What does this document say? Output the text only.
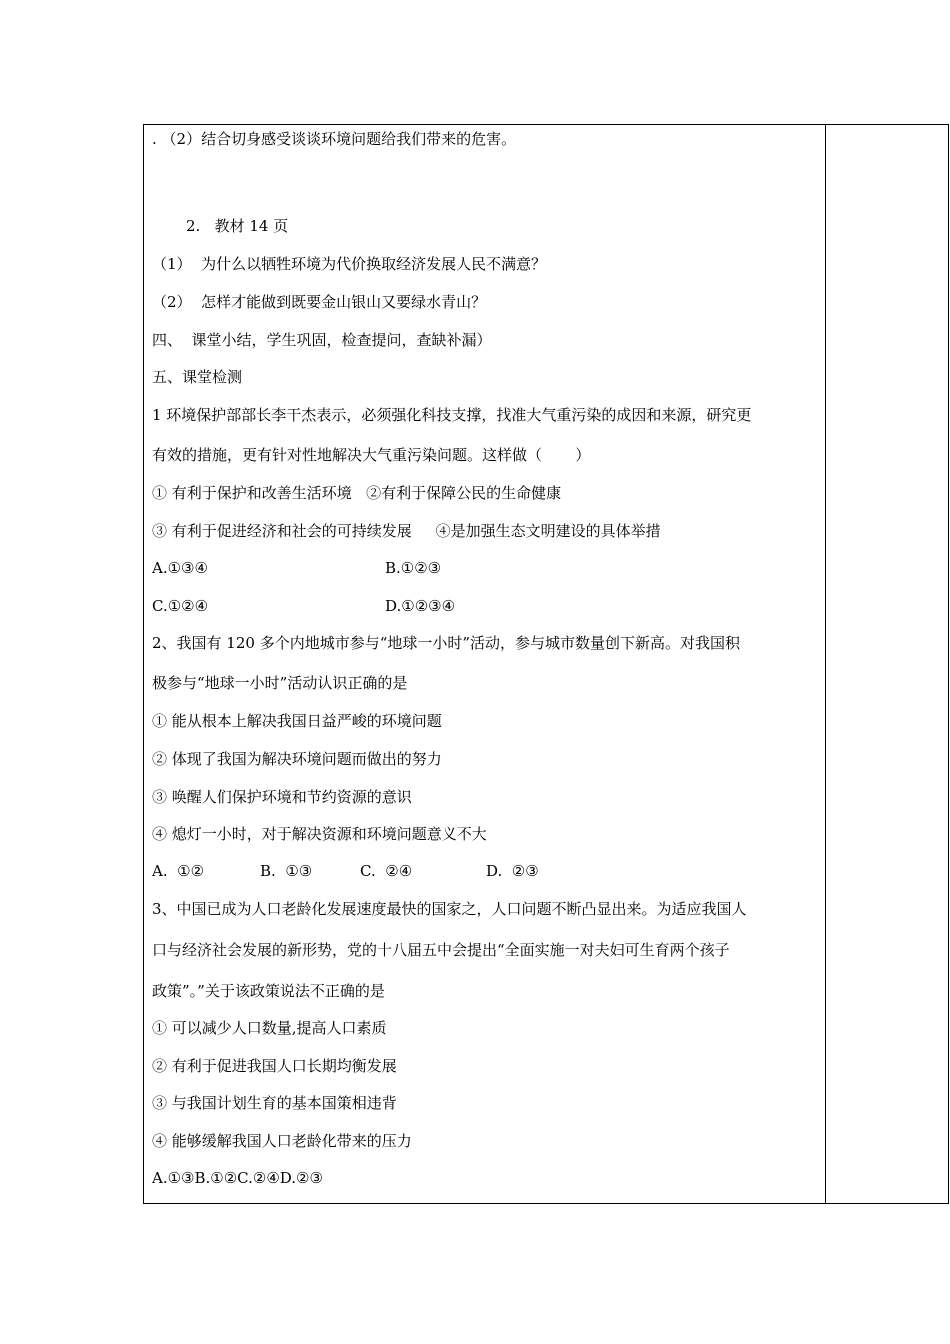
. （2）结合切身感受谈谈环境问题给我们带来的危害。
2.   教材 14 页
（1）  为什么以牺牲环境为代价换取经济发展人民不满意？
（2）  怎样才能做到既要金山银山又要绿水青山？
四、  课堂小结，学生巩固，检查提问，查缺补漏）
五、课堂检测
1 环境保护部部长李干杰表示，必须强化科技支撑，找准大气重污染的成因和来源，研究更
有效的措施，更有针对性地解决大气重污染问题。这样做（       ）
① 有利于保护和改善生活环境   ②有利于保障公民的生命健康
③ 有利于促进经济和社会的可持续发展     ④是加强生态文明建设的具体举措
A.①③④	B.①②③
C.①②④	D.①②③④
2、我国有 120 多个内地城市参与“地球一小时”活动，参与城市数量创下新高。对我国积
极参与“地球一小时”活动认识正确的是
① 能从根本上解决我国日益严峻的环境问题
② 体现了我国为解决环境问题而做出的努力
③ 唤醒人们保护环境和节约资源的意识
④ 熄灯一小时，对于解决资源和环境问题意义不大
A.  ①②	B.  ①③	C.  ②④	D.  ②③
3、中国已成为人口老龄化发展速度最快的国家之，人口问题不断凸显出来。为适应我国人
口与经济社会发展的新形势，党的十八届五中会提出“全面实施一对夫妇可生育两个孩子
政策”。”关于该政策说法不正确的是
① 可以减少人口数量,提高人口素质
② 有利于促进我国人口长期均衡发展
③ 与我国计划生育的基本国策相违背
④ 能够缓解我国人口老龄化带来的压力
A.①③B.①②C.②④D.②③
